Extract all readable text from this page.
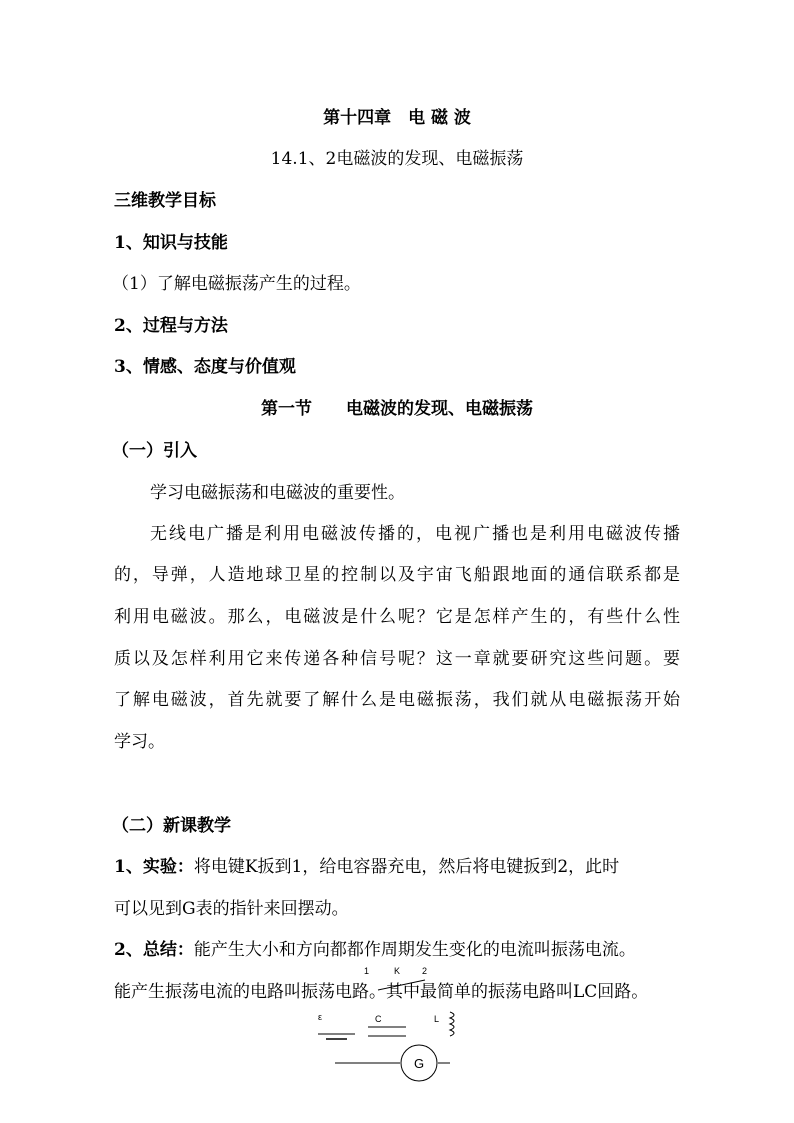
第十四章　电 磁 波
14.1、2电磁波的发现、电磁振荡
三维教学目标
1、知识与技能
（1）了解电磁振荡产生的过程。
2、过程与方法
3、情感、态度与价值观
第一节　　电磁波的发现、电磁振荡
（一）引入
学习电磁振荡和电磁波的重要性。
无线电广播是利用电磁波传播的，电视广播也是利用电磁波传播
的，导弹，人造地球卫星的控制以及宇宙飞船跟地面的通信联系都是
利用电磁波。那么，电磁波是什么呢？它是怎样产生的，有些什么性
质以及怎样利用它来传递各种信号呢？这一章就要研究这些问题。要
了解电磁波，首先就要了解什么是电磁振荡，我们就从电磁振荡开始
学习。
（二）新课教学
1、实验：将电键K扳到1，给电容器充电，然后将电键扳到2，此时
可以见到G表的指针来回摆动。
2、总结：能产生大小和方向都都作周期发生变化的电流叫振荡电流。
能产生振荡电流的电路叫振荡电路。其中最简单的振荡电路叫LC回路。
1	K 2
ε	C	L
G
